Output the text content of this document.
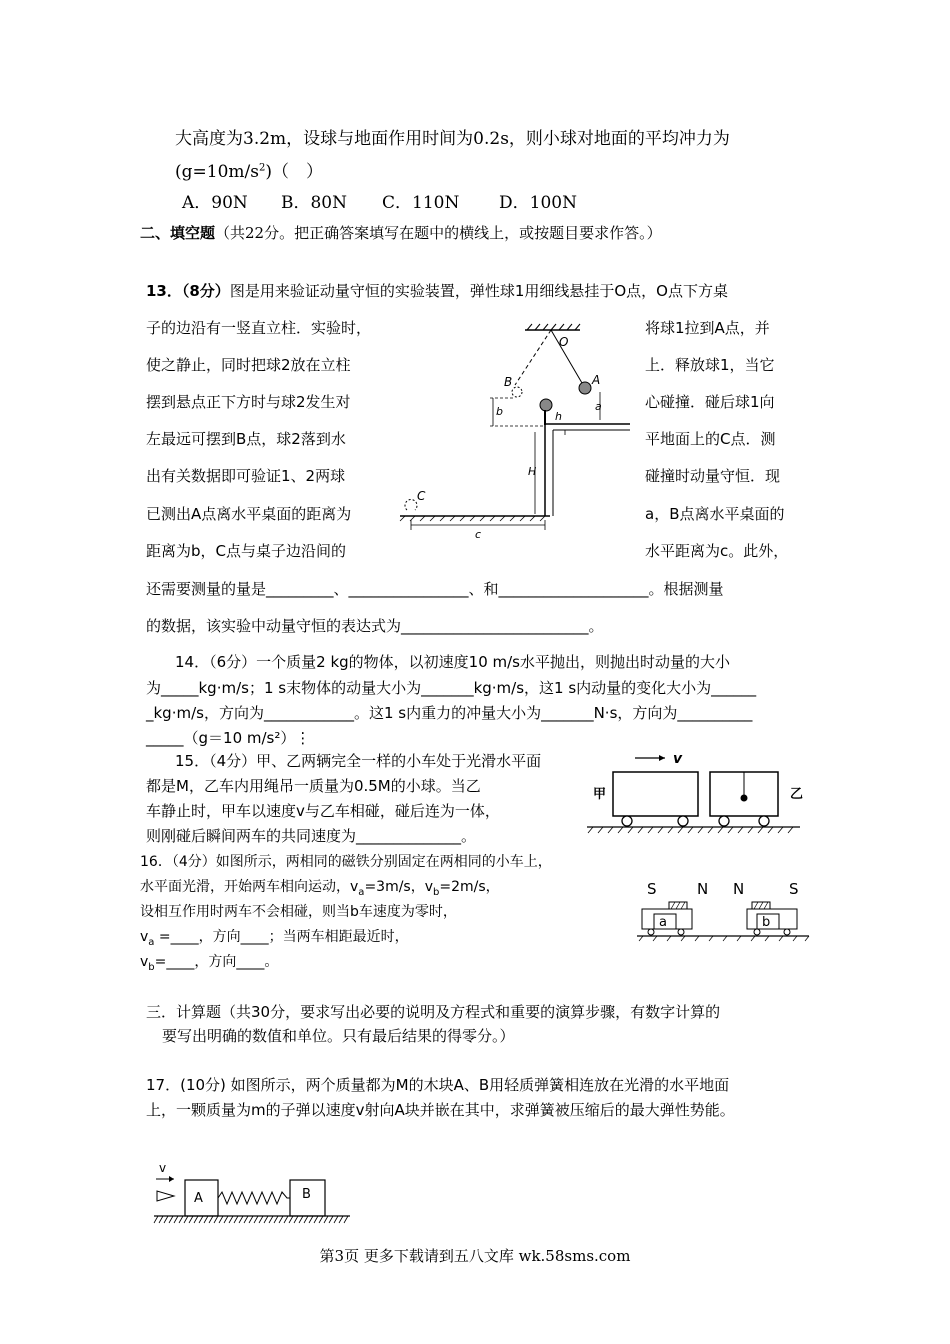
大高度为3.2m，设球与地面作用时间为0.2s，则小球对地面的平均冲力为
$(g=10m/s^2)$（　）
A．90N B．80N C．110N D．100N
二、填空题（共22分。把正确答案填写在题中的横线上，或按题目要求作答。）
13．（8分）图是用来验证动量守恒的实验装置，弹性球1用细线悬挂于O点，O点下方桌
子的边沿有一竖直立柱．实验时，	将球1拉到A点，并
使之静止，同时把球2放在立柱	上．释放球1，当它
摆到悬点正下方时与球2发生对	心碰撞．碰后球1向
左最远可摆到B点，球2落到水	平地面上的C点．测
出有关数据即可验证1、2两球	碰撞时动量守恒．现
已测出A点离水平桌面的距离为	a，B点离水平桌面的
距离为b，C点与桌子边沿间的	水平距离为c。此外，
还需要测量的量是_________、________________、和____________________。根据测量
的数据，该实验中动量守恒的表达式为_________________________。
O
A
B
a
b	h
H
C
c
14．（6分）一个质量2 kg的物体，以初速度10 m/s水平抛出，则抛出时动量的大小
为_____kg·m/s；1 s末物体的动量大小为_______kg·m/s，这1 s内动量的变化大小为______
_kg·m/s，方向为____________。这1 s内重力的冲量大小为_______N·s，方向为__________
_____（g＝10 m/s²）⋮
15．（4分）甲、乙两辆完全一样的小车处于光滑水平面
都是M，乙车内用绳吊一质量为0.5M的小球。当乙
车静止时，甲车以速度v与乙车相碰，碰后连为一体，
则刚碰后瞬间两车的共同速度为______________。
v
甲	乙
16．（4分）如图所示，两相同的磁铁分别固定在两相同的小车上，
水平面光滑，开始两车相向运动，$v_a=3m/s$，$v_b=2m/s$，
设相互作用时两车不会相碰，则当b车速度为零时，
$v_a$ =____，方向____；当两车相距最近时，
$v_b=\_\_\_\_$，方向____。
S	N N	S
a	b
三．计算题（共30分，要求写出必要的说明及方程式和重要的演算步骤，有数字计算的
要写出明确的数值和单位。只有最后结果的得零分。）
17．(10分) 如图所示，两个质量都为M的木块A、B用轻质弹簧相连放在光滑的水平地面
上，一颗质量为m的子弹以速度v射向A块并嵌在其中，求弹簧被压缩后的最大弹性势能。
v
A	B
第3页 更多下载请到五八文库 wk.58sms.com
